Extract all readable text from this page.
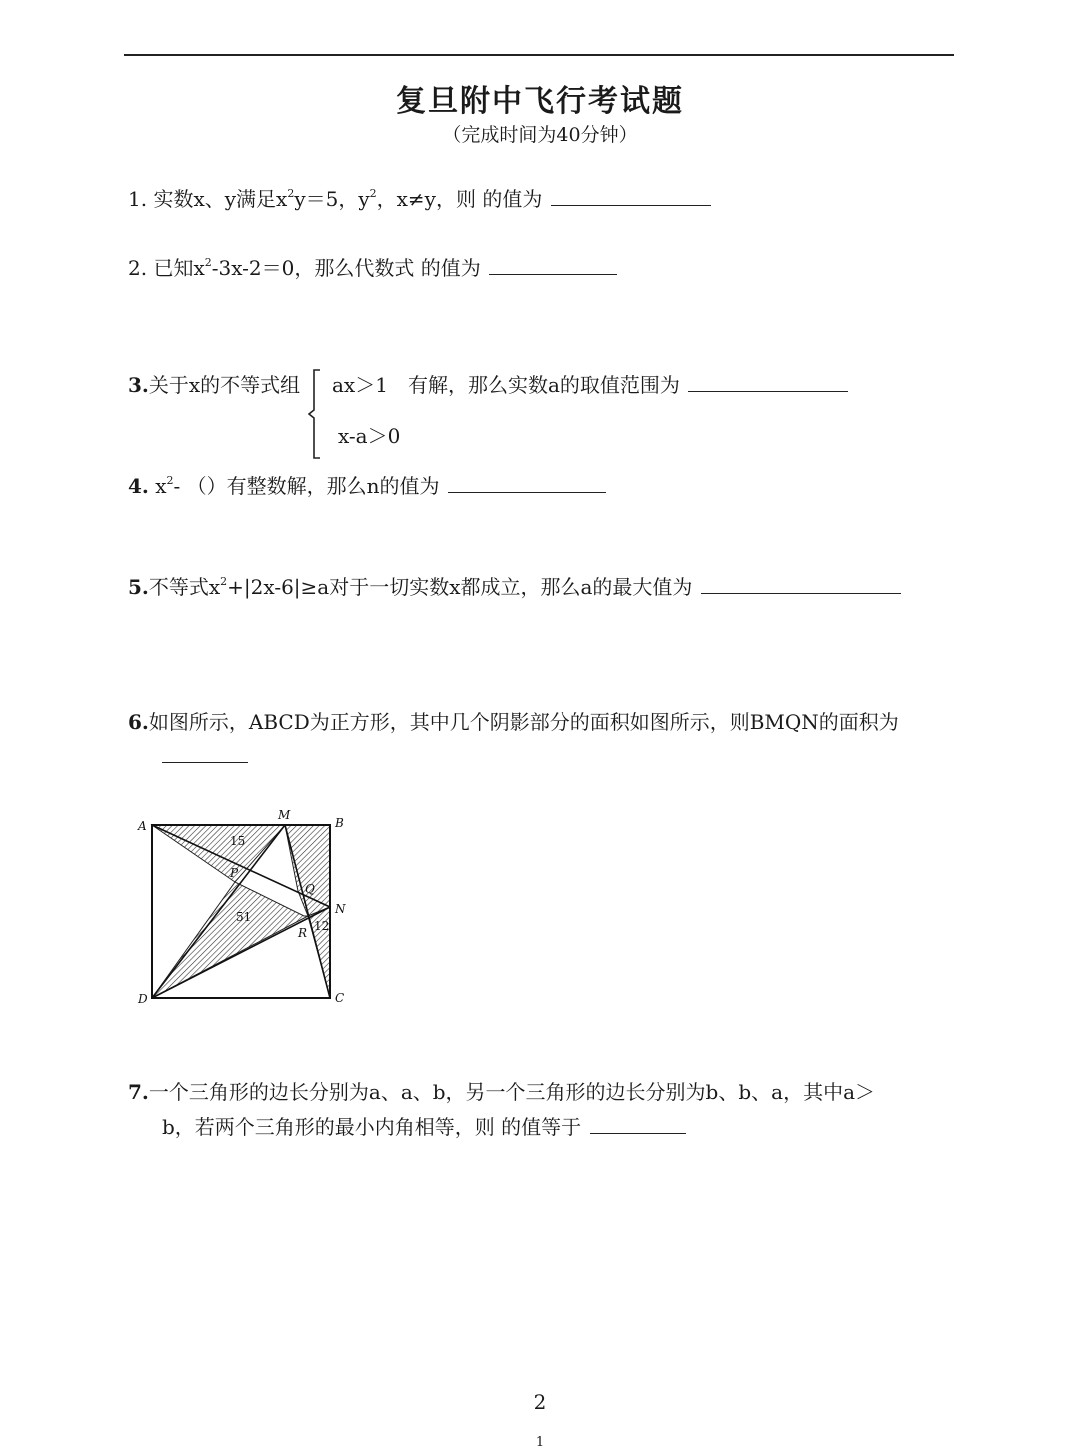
复旦附中飞行考试题
（完成时间为40分钟）
1. 实数x、y满足$x^2y=5$，$y^2$，x≠y，则 的值为
2. 已知$x^2-3x-2=0$，那么代数式 的值为
3.关于x的不等式组 ax＞1 有解，那么实数a的取值范围为
x-a＞0
4. $x^2-$ （）有整数解，那么n的值为
5.不等式$x^2+|2x-6|\ge a$对于一切实数x都成立，那么a的最大值为
6.如图所示，ABCD为正方形，其中几个阴影部分的面积如图所示，则BMQN的面积为
A	B
C
D
M
N
P
Q
R
15
51
12
7.一个三角形的边长分别为a、a、b，另一个三角形的边长分别为b、b、a，其中a＞
b，若两个三角形的最小内角相等，则 的值等于
2
1
